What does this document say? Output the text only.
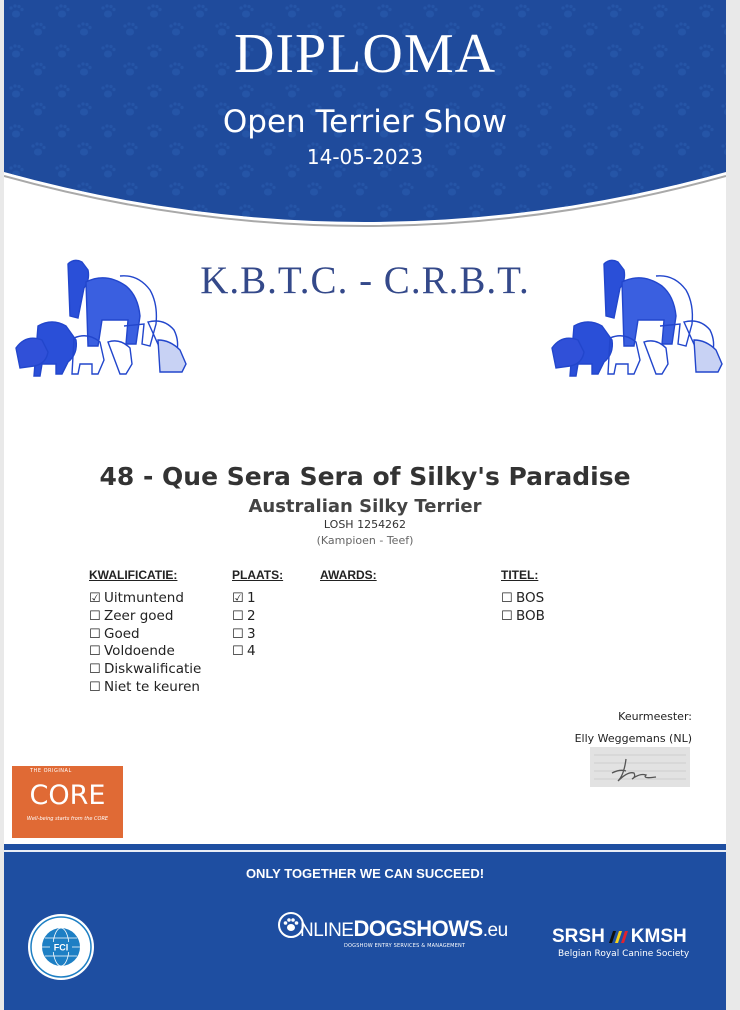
DIPLOMA
Open Terrier Show
14-05-2023
K.B.T.C. - C.R.B.T.
48 - Que Sera Sera of Silky's Paradise
Australian Silky Terrier
LOSH 1254262
(Kampioen - Teef)
KWALIFICATIE:
☑ Uitmuntend
☐ Zeer goed
☐ Goed
☐ Voldoende
☐ Diskwalificatie
☐ Niet te keuren
PLAATS:
☑ 1
☐ 2
☐ 3
☐ 4
AWARDS:	TITEL:
☐ BOS
☐ BOB
Keurmeester:
Elly Weggemans (NL)
THE ORIGINAL
CORE
Well-being starts from the CORE
ONLY TOGETHER WE CAN SUCCEED!
FCI
NLINEDOGSHOWS.eu
DOGSHOW ENTRY SERVICES & MANAGEMENT	SRSH KMSH
Belgian Royal Canine Society
